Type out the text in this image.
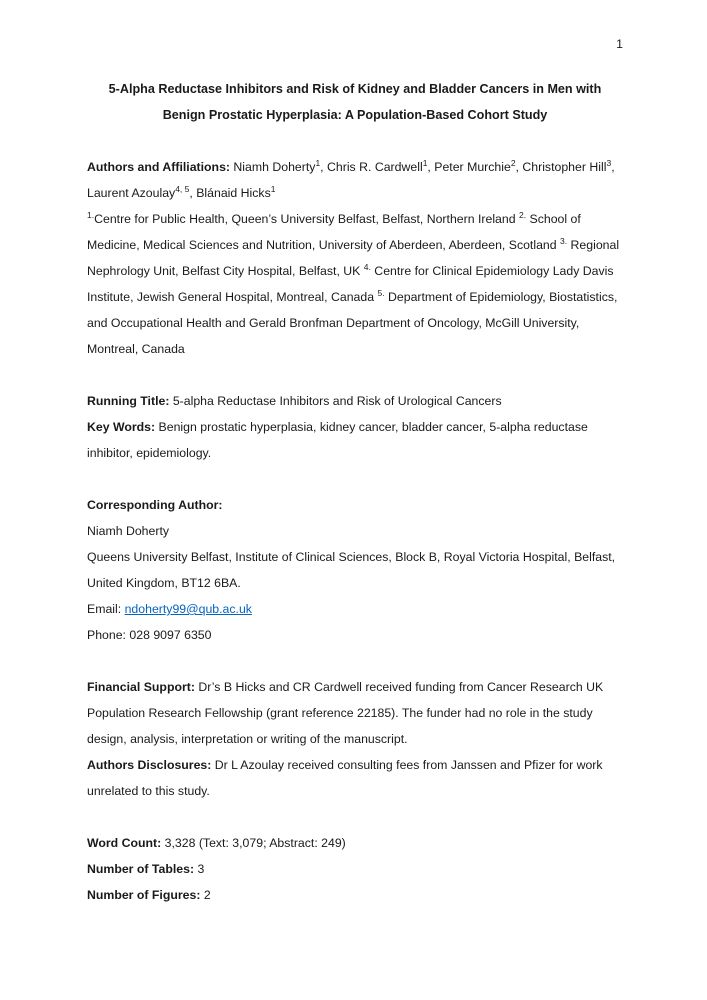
1
5-Alpha Reductase Inhibitors and Risk of Kidney and Bladder Cancers in Men with Benign Prostatic Hyperplasia: A Population-Based Cohort Study

Authors and Affiliations: Niamh Doherty$^1$, Chris R. Cardwell$^1$, Peter Murchie$^2$, Christopher Hill$^3$, Laurent Azoulay$^{4, 5}$, Blánaid Hicks$^1$

$^{1.}$Centre for Public Health, Queen’s University Belfast, Belfast, Northern Ireland $^{2.}$ School of Medicine, Medical Sciences and Nutrition, University of Aberdeen, Aberdeen, Scotland $^{3.}$ Regional Nephrology Unit, Belfast City Hospital, Belfast, UK $^{4.}$ Centre for Clinical Epidemiology Lady Davis Institute, Jewish General Hospital, Montreal, Canada $^{5.}$ Department of Epidemiology, Biostatistics, and Occupational Health and Gerald Bronfman Department of Oncology, McGill University, Montreal, Canada

Running Title: 5-alpha Reductase Inhibitors and Risk of Urological Cancers

Key Words: Benign prostatic hyperplasia, kidney cancer, bladder cancer, 5-alpha reductase inhibitor, epidemiology.

Corresponding Author:

Niamh Doherty

Queens University Belfast, Institute of Clinical Sciences, Block B, Royal Victoria Hospital, Belfast, United Kingdom, BT12 6BA.

Email: ndoherty99@qub.ac.uk

Phone: 028 9097 6350

Financial Support: Dr’s B Hicks and CR Cardwell received funding from Cancer Research UK Population Research Fellowship (grant reference 22185). The funder had no role in the study design, analysis, interpretation or writing of the manuscript.

Authors Disclosures: Dr L Azoulay received consulting fees from Janssen and Pfizer for work unrelated to this study.

Word Count: 3,328 (Text: 3,079; Abstract: 249)

Number of Tables: 3

Number of Figures: 2
